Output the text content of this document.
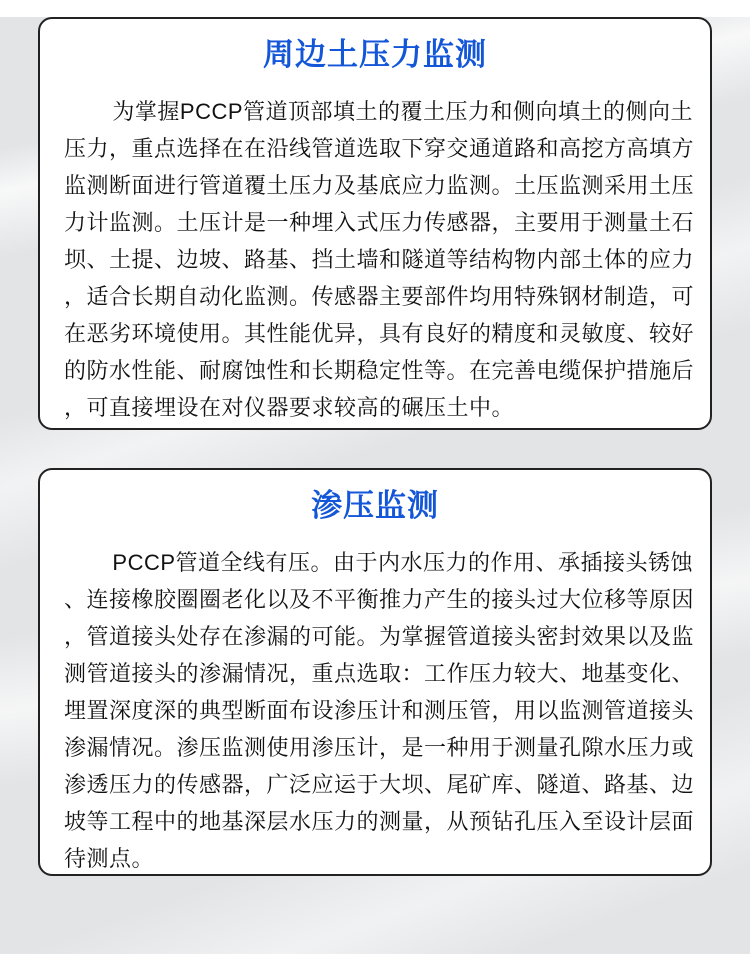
周边土压力监测
为掌握PCCP管道顶部填土的覆土压力和侧向填土的侧向土
压力，重点选择在在沿线管道选取下穿交通道路和高挖方高填方
监测断面进行管道覆土压力及基底应力监测。土压监测采用土压
力计监测。土压计是一种埋入式压力传感器，主要用于测量土石
坝、土提、边坡、路基、挡土墙和隧道等结构物内部土体的应力
，适合长期自动化监测。传感器主要部件均用特殊钢材制造，可
在恶劣环境使用。其性能优异，具有良好的精度和灵敏度、较好
的防水性能、耐腐蚀性和长期稳定性等。在完善电缆保护措施后
，可直接埋设在对仪器要求较高的碾压土中。
渗压监测
PCCP管道全线有压。由于内水压力的作用、承插接头锈蚀
、连接橡胶圈圈老化以及不平衡推力产生的接头过大位移等原因
，管道接头处存在渗漏的可能。为掌握管道接头密封效果以及监
测管道接头的渗漏情况，重点选取：工作压力较大、地基变化、
埋置深度深的典型断面布设渗压计和测压管，用以监测管道接头
渗漏情况。渗压监测使用渗压计，是一种用于测量孔隙水压力或
渗透压力的传感器，广泛应运于大坝、尾矿库、隧道、路基、边
坡等工程中的地基深层水压力的测量，从预钻孔压入至设计层面
待测点。
